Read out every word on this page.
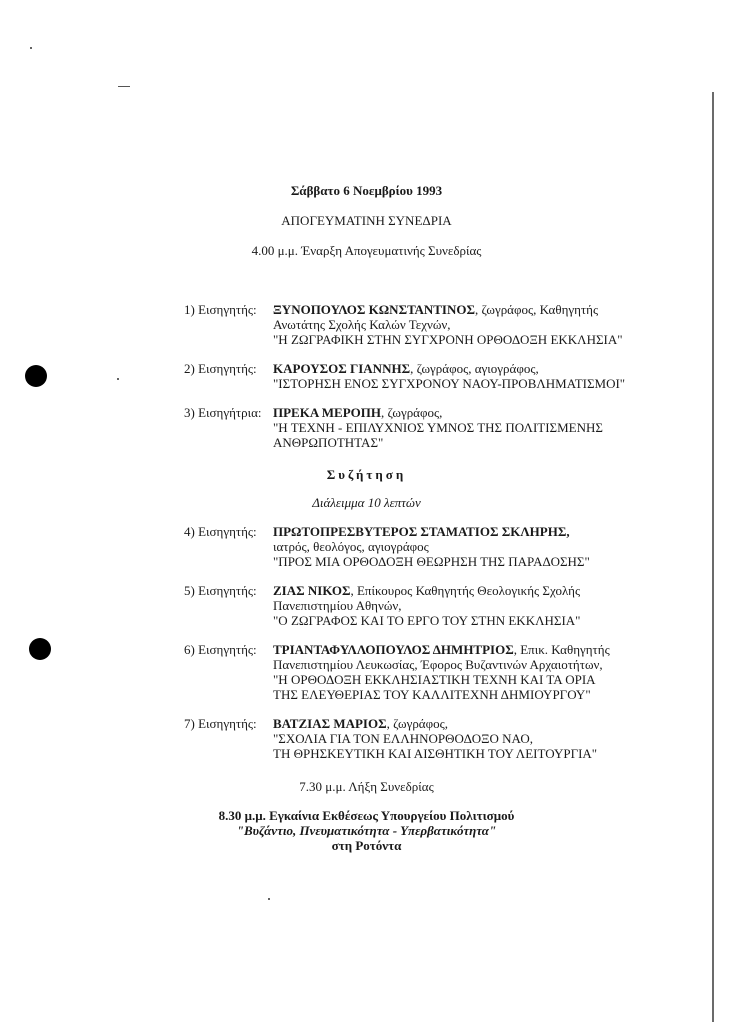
Σάββατο 6 Νοεμβρίου 1993
ΑΠΟΓΕΥΜΑΤΙΝΗ ΣΥΝΕΔΡΙΑ
4.00 μ.μ. Έναρξη Απογευματινής Συνεδρίας
1) Εισηγητής: ΞΥΝΟΠΟΥΛΟΣ ΚΩΝΣΤΑΝΤΙΝΟΣ, ζωγράφος, Καθηγητής
Ανωτάτης Σχολής Καλών Τεχνών,
"Η ΖΩΓΡΑΦΙΚΗ ΣΤΗΝ ΣΥΓΧΡΟΝΗ ΟΡΘΟΔΟΞΗ ΕΚΚΛΗΣΙΑ"
2) Εισηγητής: ΚΑΡΟΥΣΟΣ ΓΙΑΝΝΗΣ, ζωγράφος, αγιογράφος,
"ΙΣΤΟΡΗΣΗ ΕΝΟΣ ΣΥΓΧΡΟΝΟΥ ΝΑΟΥ-ΠΡΟΒΛΗΜΑΤΙΣΜΟΙ"
3) Εισηγήτρια: ΠΡΕΚΑ ΜΕΡΟΠΗ, ζωγράφος,
"Η ΤΕΧΝΗ - ΕΠΙΛΥΧΝΙΟΣ ΥΜΝΟΣ ΤΗΣ ΠΟΛΙΤΙΣΜΕΝΗΣ
ΑΝΘΡΩΠΟΤΗΤΑΣ"
Συζήτηση
Διάλειμμα 10 λεπτών
4) Εισηγητής: ΠΡΩΤΟΠΡΕΣΒΥΤΕΡΟΣ ΣΤΑΜΑΤΙΟΣ ΣΚΛΗΡΗΣ,
ιατρός, θεολόγος, αγιογράφος
"ΠΡΟΣ ΜΙΑ ΟΡΘΟΔΟΞΗ ΘΕΩΡΗΣΗ ΤΗΣ ΠΑΡΑΔΟΣΗΣ"
5) Εισηγητής: ΖΙΑΣ ΝΙΚΟΣ, Επίκουρος Καθηγητής Θεολογικής Σχολής
Πανεπιστημίου Αθηνών,
"Ο ΖΩΓΡΑΦΟΣ ΚΑΙ ΤΟ ΕΡΓΟ ΤΟΥ ΣΤΗΝ ΕΚΚΛΗΣΙΑ"
6) Εισηγητής: ΤΡΙΑΝΤΑΦΥΛΛΟΠΟΥΛΟΣ ΔΗΜΗΤΡΙΟΣ, Επικ. Καθηγητής
Πανεπιστημίου Λευκωσίας, Έφορος Βυζαντινών Αρχαιοτήτων,
"Η ΟΡΘΟΔΟΞΗ ΕΚΚΛΗΣΙΑΣΤΙΚΗ ΤΕΧΝΗ ΚΑΙ ΤΑ ΟΡΙΑ
ΤΗΣ ΕΛΕΥΘΕΡΙΑΣ ΤΟΥ ΚΑΛΛΙΤΕΧΝΗ ΔΗΜΙΟΥΡΓΟΥ"
7) Εισηγητής: ΒΑΤΖΙΑΣ ΜΑΡΙΟΣ, ζωγράφος,
"ΣΧΟΛΙΑ ΓΙΑ ΤΟΝ ΕΛΛΗΝΟΡΘΟΔΟΞΟ ΝΑΟ,
ΤΗ ΘΡΗΣΚΕΥΤΙΚΗ ΚΑΙ ΑΙΣΘΗΤΙΚΗ ΤΟΥ ΛΕΙΤΟΥΡΓΙΑ"
7.30 μ.μ. Λήξη Συνεδρίας
8.30 μ.μ. Εγκαίνια Εκθέσεως Υπουργείου Πολιτισμού
"Βυζάντιο, Πνευματικότητα - Υπερβατικότητα"
στη Ροτόντα
